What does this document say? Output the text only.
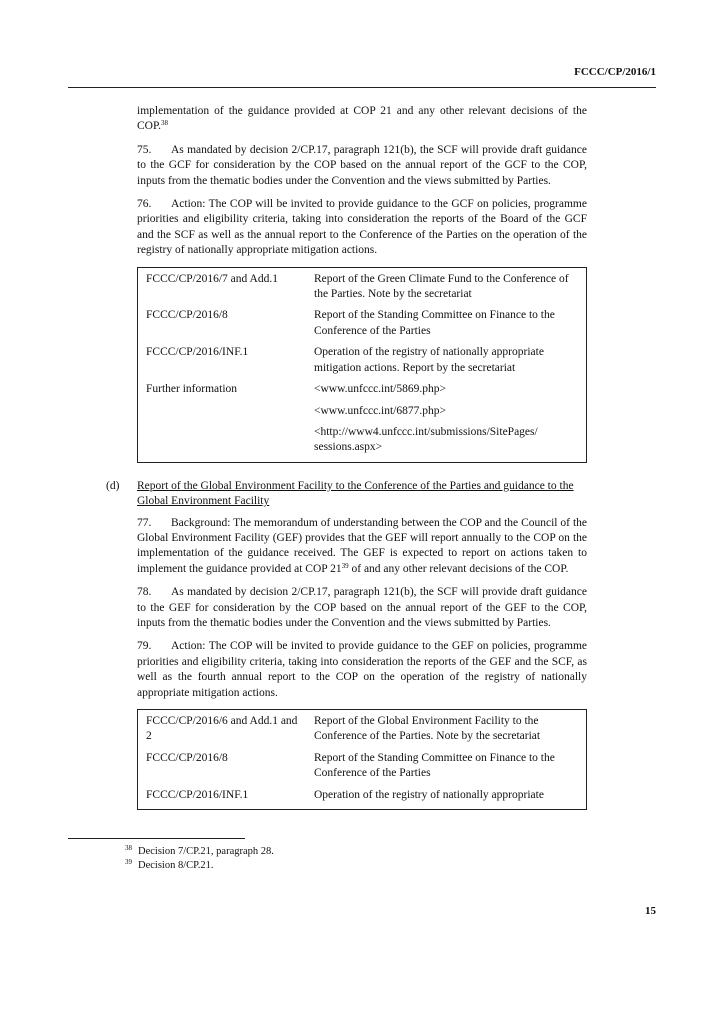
FCCC/CP/2016/1

implementation of the guidance provided at COP 21 and any other relevant decisions of the COP.$^{38}$

75. As mandated by decision 2/CP.17, paragraph 121(b), the SCF will provide draft guidance to the GCF for consideration by the COP based on the annual report of the GCF to the COP, inputs from the thematic bodies under the Convention and the views submitted by Parties.

76. Action: The COP will be invited to provide guidance to the GCF on policies, programme priorities and eligibility criteria, taking into consideration the reports of the Board of the GCF and the SCF as well as the annual report to the Conference of the Parties on the operation of the registry of nationally appropriate mitigation actions.

FCCC/CP/2016/7 and Add.1	Report of the Green Climate Fund to the Conference of the Parties. Note by the secretariat
FCCC/CP/2016/8	Report of the Standing Committee on Finance to the Conference of the Parties
FCCC/CP/2016/INF.1	Operation of the registry of nationally appropriate mitigation actions. Report by the secretariat
Further information	<www.unfccc.int/5869.php>
	<www.unfccc.int/6877.php>
	<http://www4.unfccc.int/submissions/SitePages/ sessions.aspx>
(d) Report of the Global Environment Facility to the Conference of the Parties and guidance to the Global Environment Facility

77. Background: The memorandum of understanding between the COP and the Council of the Global Environment Facility (GEF) provides that the GEF will report annually to the COP on the implementation of the guidance received. The GEF is expected to report on actions taken to implement the guidance provided at COP $21^{39}$ of and any other relevant decisions of the COP.

78. As mandated by decision 2/CP.17, paragraph 121(b), the SCF will provide draft guidance to the GEF for consideration by the COP based on the annual report of the GEF to the COP, inputs from the thematic bodies under the Convention and the views submitted by Parties.

79. Action: The COP will be invited to provide guidance to the GEF on policies, programme priorities and eligibility criteria, taking into consideration the reports of the GEF and the SCF, as well as the fourth annual report to the COP on the operation of the registry of nationally appropriate mitigation actions.

FCCC/CP/2016/6 and Add.1 and 2	Report of the Global Environment Facility to the Conference of the Parties. Note by the secretariat
FCCC/CP/2016/8	Report of the Standing Committee on Finance to the Conference of the Parties
FCCC/CP/2016/INF.1	Operation of the registry of nationally appropriate
$^{38}$ Decision 7/CP.21, paragraph 28.
$^{39}$ Decision 8/CP.21.
15
